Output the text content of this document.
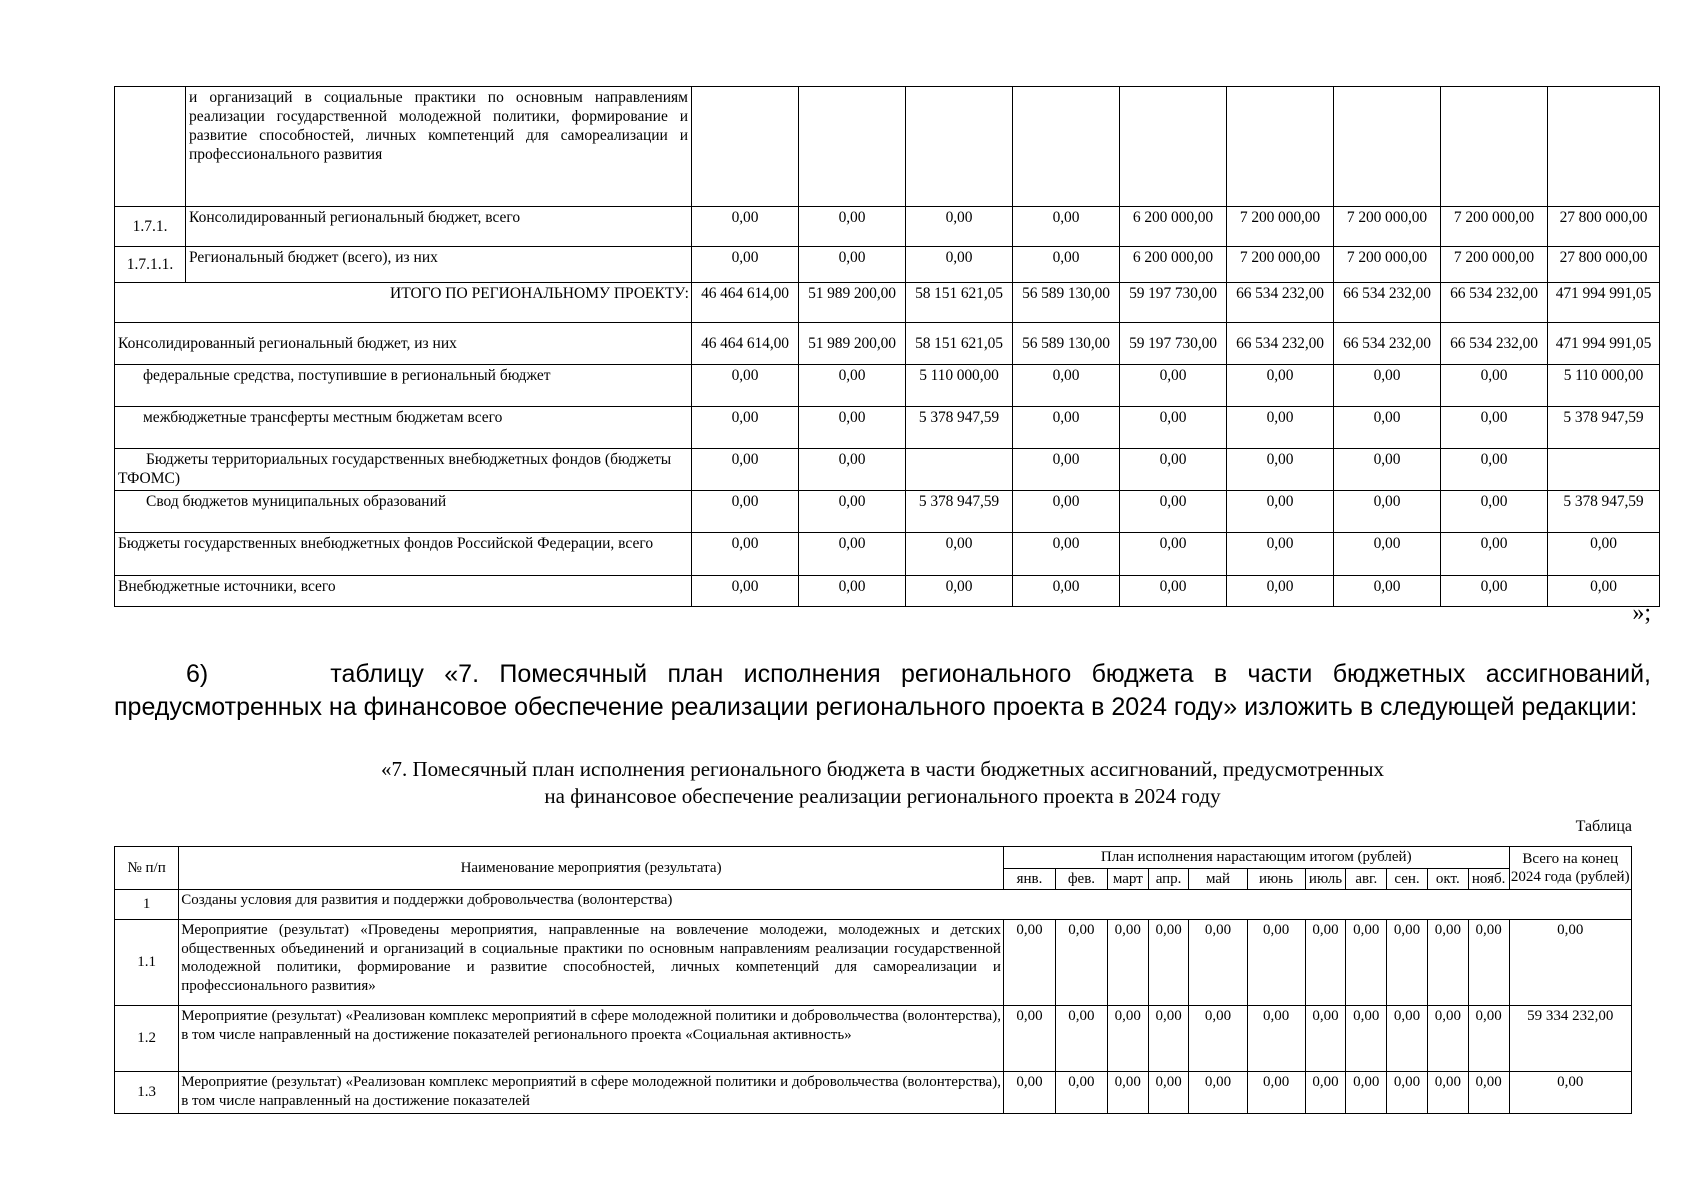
	и организаций в социальные практики по основным направлениям реализации государственной молодежной политики, формирование и развитие способностей, личных компетенций для самореализации и профессионального развития									
1.7.1.	Консолидированный региональный бюджет, всего	0,00	0,00	0,00	0,00	6 200 000,00	7 200 000,00	7 200 000,00	7 200 000,00	27 800 000,00
1.7.1.1.	Региональный бюджет (всего), из них	0,00	0,00	0,00	0,00	6 200 000,00	7 200 000,00	7 200 000,00	7 200 000,00	27 800 000,00
ИТОГО ПО РЕГИОНАЛЬНОМУ ПРОЕКТУ:		46 464 614,00	51 989 200,00	58 151 621,05	56 589 130,00	59 197 730,00	66 534 232,00	66 534 232,00	66 534 232,00	471 994 991,05
Консолидированный региональный бюджет, из них		46 464 614,00	51 989 200,00	58 151 621,05	56 589 130,00	59 197 730,00	66 534 232,00	66 534 232,00	66 534 232,00	471 994 991,05
федеральные средства, поступившие в региональный бюджет		0,00	0,00	5 110 000,00	0,00	0,00	0,00	0,00	0,00	5 110 000,00
межбюджетные трансферты местным бюджетам всего		0,00	0,00	5 378 947,59	0,00	0,00	0,00	0,00	0,00	5 378 947,59
Бюджеты территориальных государственных внебюджетных фондов (бюджеты ТФОМС)		0,00	0,00		0,00	0,00	0,00	0,00	0,00	
Свод бюджетов муниципальных образований		0,00	0,00	5 378 947,59	0,00	0,00	0,00	0,00	0,00	5 378 947,59
Бюджеты государственных внебюджетных фондов Российской Федерации, всего		0,00	0,00	0,00	0,00	0,00	0,00	0,00	0,00	0,00
Внебюджетные источники, всего		0,00	0,00	0,00	0,00	0,00	0,00	0,00	0,00	0,00
»;
6)	таблицу «7. Помесячный план исполнения регионального бюджета в части бюджетных ассигнований, предусмотренных на финансовое обеспечение реализации регионального проекта в 2024 году» изложить в следующей редакции:
«7. Помесячный план исполнения регионального бюджета в части бюджетных ассигнований, предусмотренных
на финансовое обеспечение реализации регионального проекта в 2024 году
Таблица
№ п/п	Наименование мероприятия (результата)	План исполнения нарастающим итогом (рублей)											Всего на конец 2024 года (рублей)
		янв.	фев.	март	апр.	май	июнь	июль	авг.	сен.	окт.	нояб.	
1	Созданы условия для развития и поддержки добровольчества (волонтерства)												
1.1	Мероприятие (результат) «Проведены мероприятия, направленные на вовлечение молодежи, молодежных и детских общественных объединений и организаций в социальные практики по основным направлениям реализации государственной молодежной политики, формирование и развитие способностей, личных компетенций для самореализации и профессионального развития»	0,00	0,00	0,00	0,00	0,00	0,00	0,00	0,00	0,00	0,00	0,00	0,00
1.2	Мероприятие (результат) «Реализован комплекс мероприятий в сфере молодежной политики и добровольчества (волонтерства), в том числе направленный на достижение показателей регионального проекта «Социальная активность»	0,00	0,00	0,00	0,00	0,00	0,00	0,00	0,00	0,00	0,00	0,00	59 334 232,00
1.3	Мероприятие (результат) «Реализован комплекс мероприятий в сфере молодежной политики и добровольчества (волонтерства), в том числе направленный на достижение показателей	0,00	0,00	0,00	0,00	0,00	0,00	0,00	0,00	0,00	0,00	0,00	0,00
